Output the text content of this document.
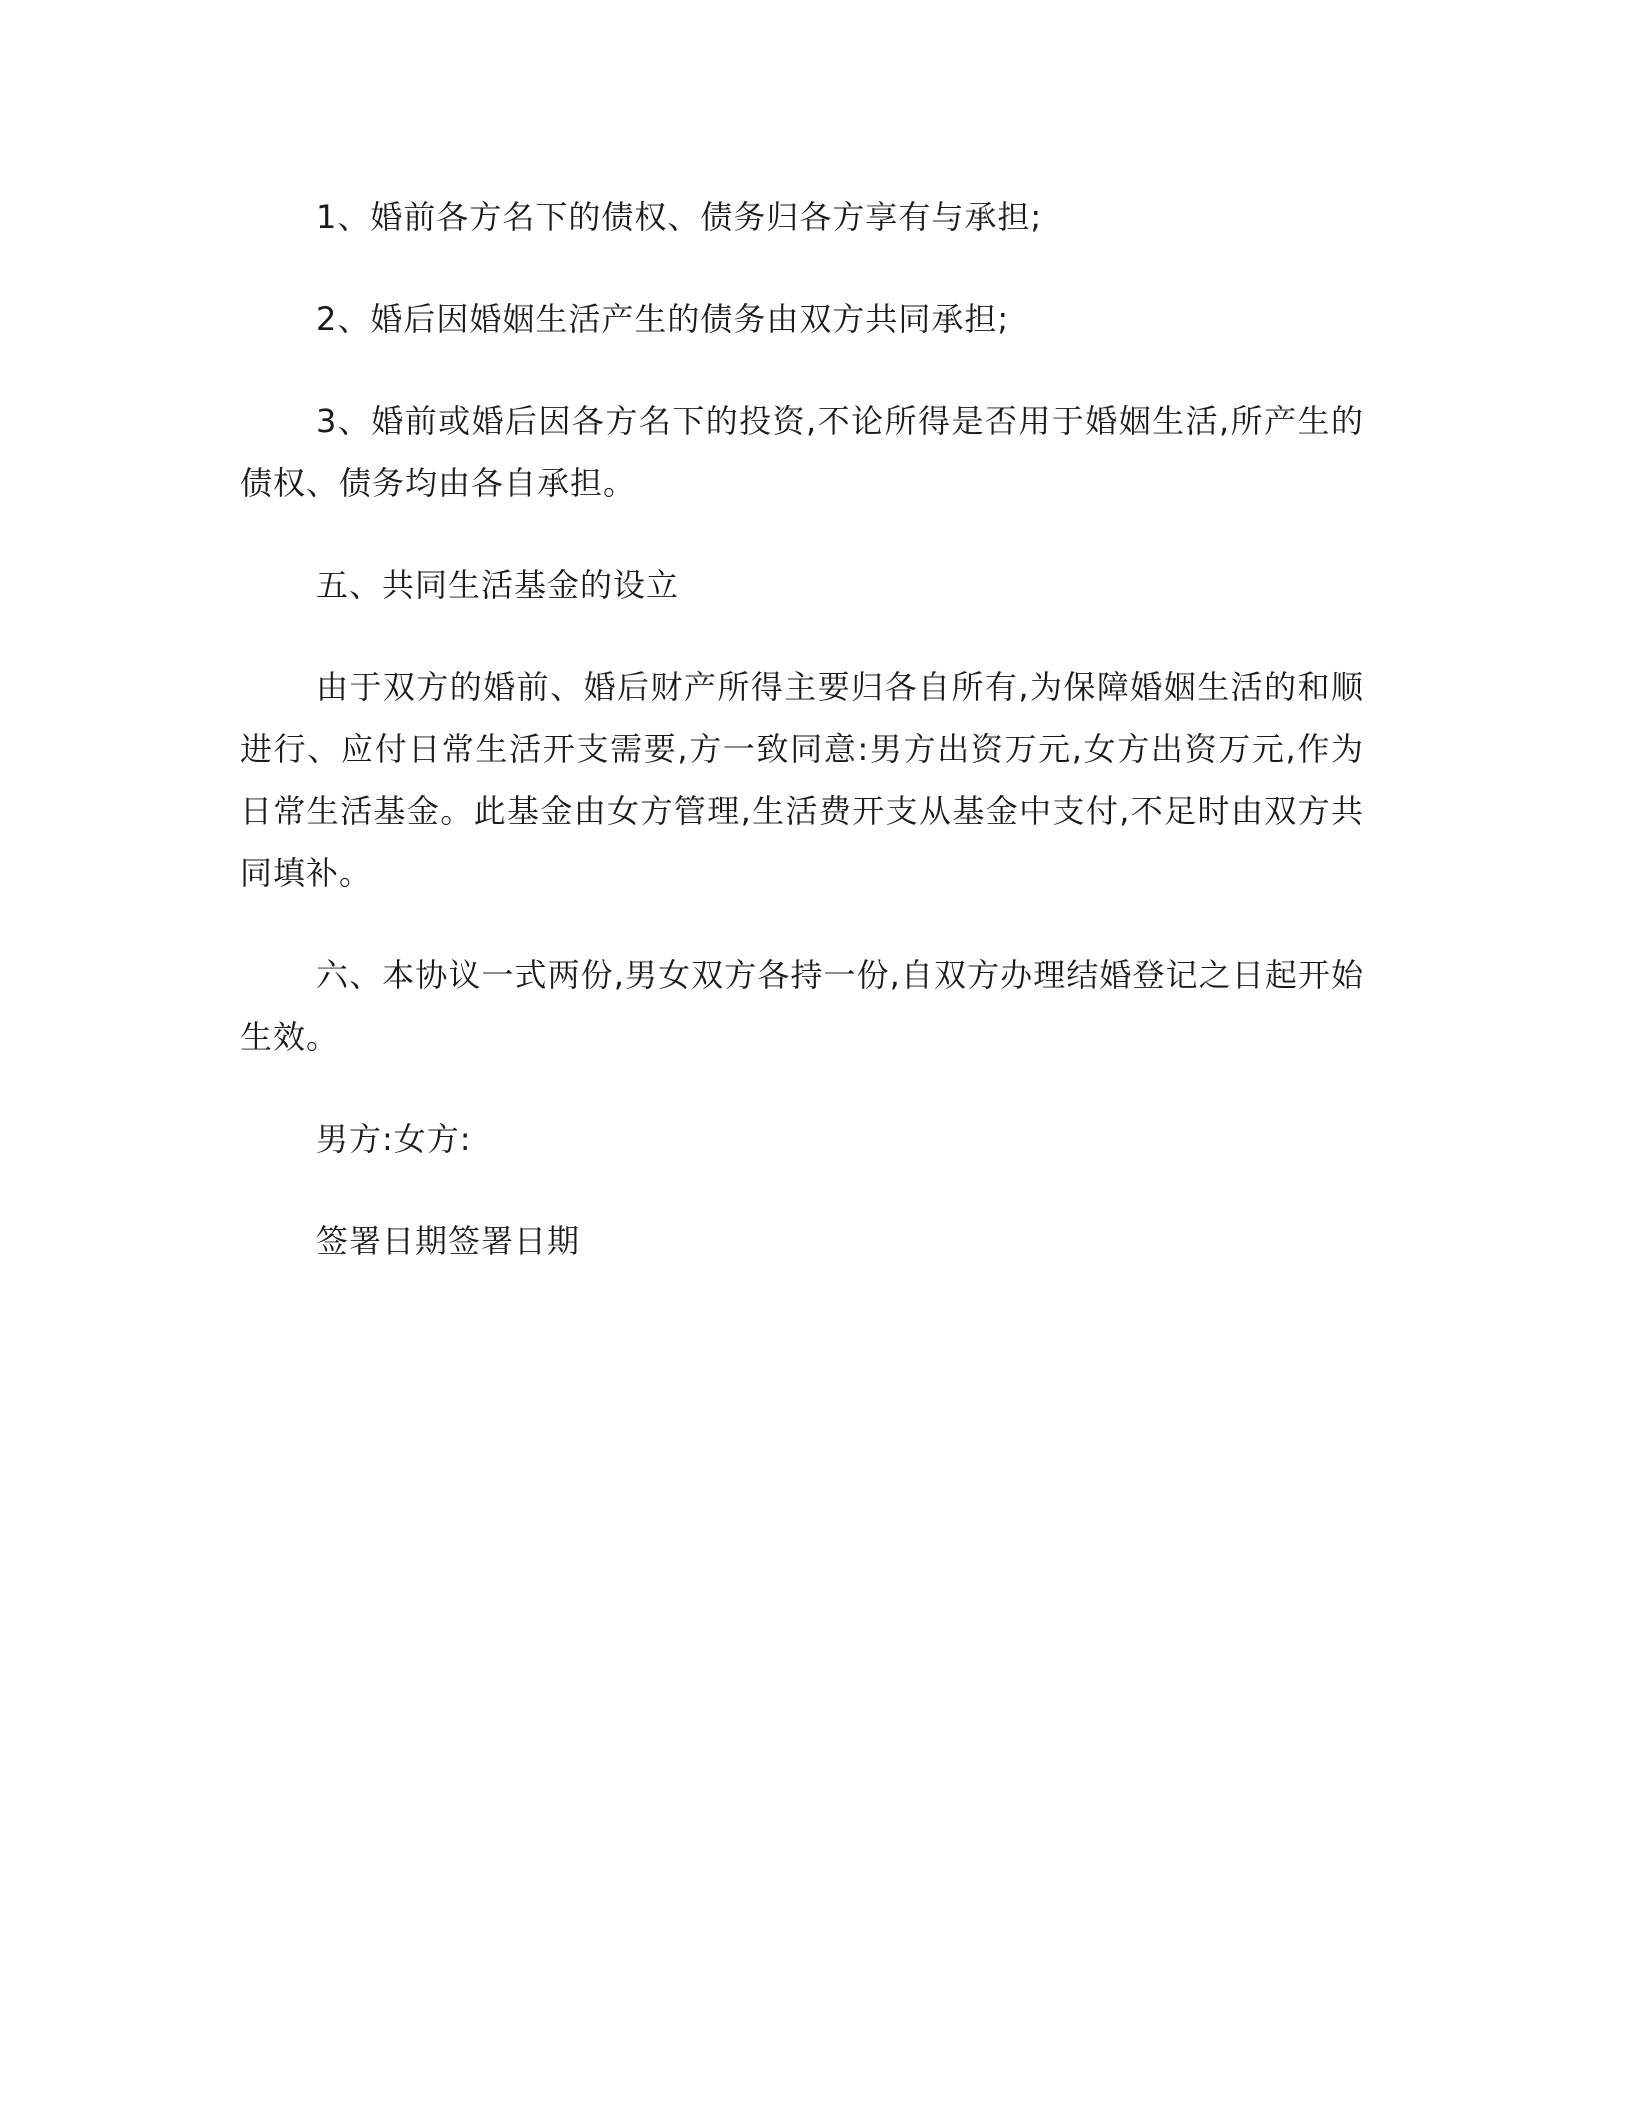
1、婚前各方名下的债权、债务归各方享有与承担;

2、婚后因婚姻生活产生的债务由双方共同承担;

3、婚前或婚后因各方名下的投资,不论所得是否用于婚姻生活,所产生的债权、债务均由各自承担。

五、共同生活基金的设立

由于双方的婚前、婚后财产所得主要归各自所有,为保障婚姻生活的和顺进行、应付日常生活开支需要,方一致同意:男方出资万元,女方出资万元,作为日常生活基金。此基金由女方管理,生活费开支从基金中支付,不足时由双方共同填补。

六、本协议一式两份,男女双方各持一份,自双方办理结婚登记之日起开始生效。

男方:女方:

签署日期签署日期
